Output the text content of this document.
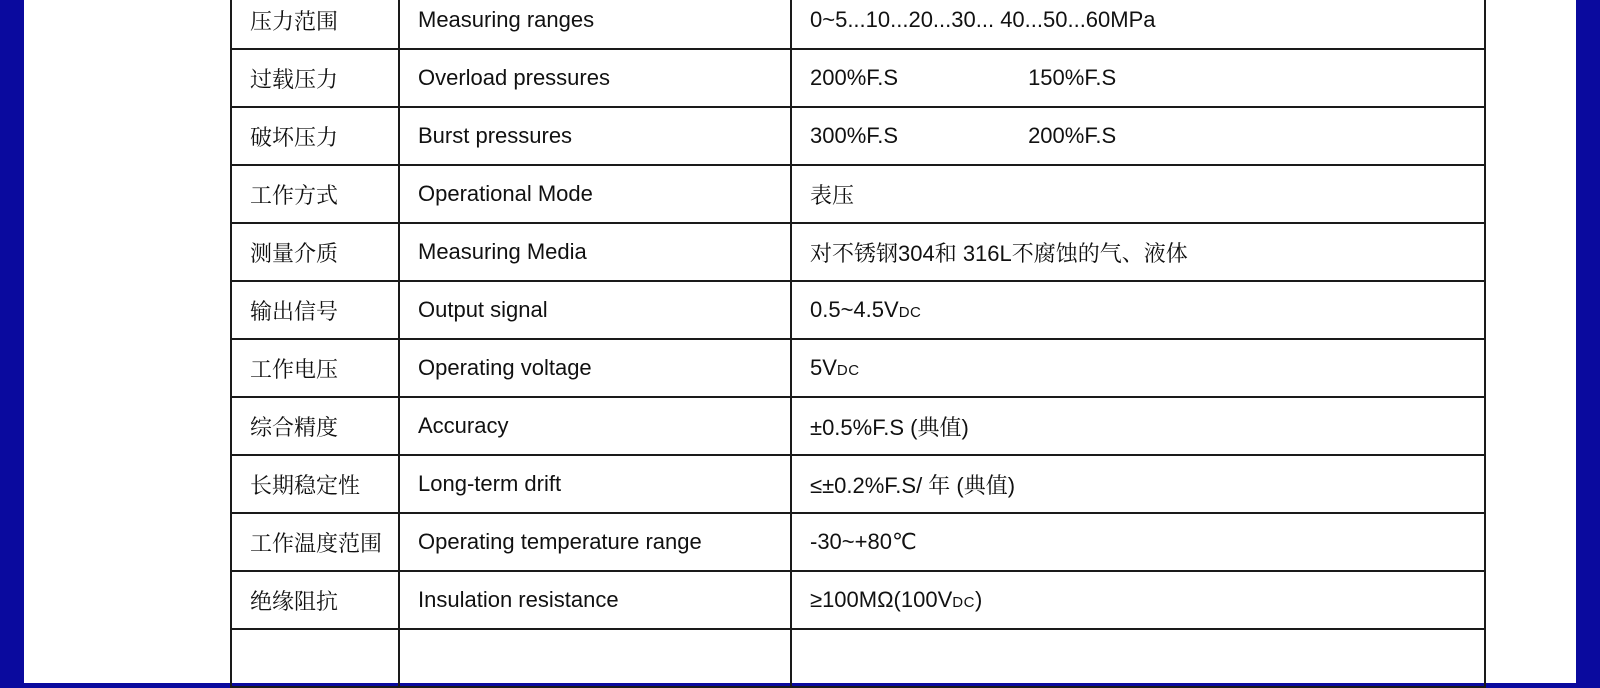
压力范围	Measuring ranges	0~5...10...20...30... 40...50...60MPa
过载压力	Overload pressures	200%F.S 150%F.S
破坏压力	Burst pressures	300%F.S 200%F.S
工作方式	Operational Mode	表压
测量介质	Measuring Media	对不锈钢304和 316L不腐蚀的气、液体
输出信号	Output signal	0.5~4.5VDC
工作电压	Operating voltage	5VDC
综合精度	Accuracy	±0.5%F.S (典值)
长期稳定性	Long-term drift	≤±0.2%F.S/ 年 (典值)
工作温度范围	Operating temperature range	-30~+80℃
绝缘阻抗	Insulation resistance	≥100MΩ(100VDC)
